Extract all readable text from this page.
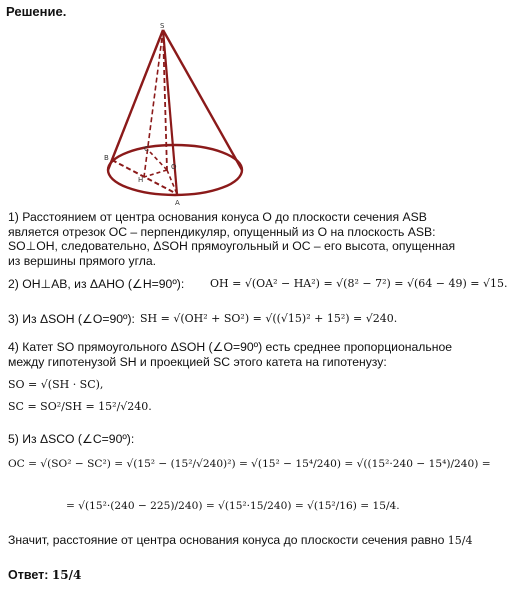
Решение.
S
A
B
C
H
O
1) Расстоянием от центра основания конуса О до плоскости сечения ASB является отрезок ОС – перпендикуляр, опущенный из О на плоскость ASB: SO⊥OH, следовательно, ΔSOH прямоугольный и ОС – его высота, опущенная из вершины прямого угла.
2) OH⊥AB, из ΔAHO (∠H=90º): OH = √(OA² − HA²) = √(8² − 7²) = √(64 − 49) = √15.
3) Из ΔSOH (∠O=90º): SH = √(OH² + SO²) = √((√15)² + 15²) = √240.
4) Катет SO прямоугольного ΔSOH (∠O=90º) есть среднее пропорциональное между гипотенузой SH и проекцией SC этого катета на гипотенузу:
SO = √(SH · SC),
SC = SO²/SH = 15²/√240.
5) Из ΔSCO (∠C=90º):
OC = √(SO² − SC²) = √(15² − (15²/√240)²) = √(15² − 15⁴/240) = √((15²·240 − 15⁴)/240) =
= √(15²·(240 − 225)/240) = √(15²·15/240) = √(15²/16) = 15/4.
Значит, расстояние от центра основания конуса до плоскости сечения равно 15/4
Ответ: 15/4
